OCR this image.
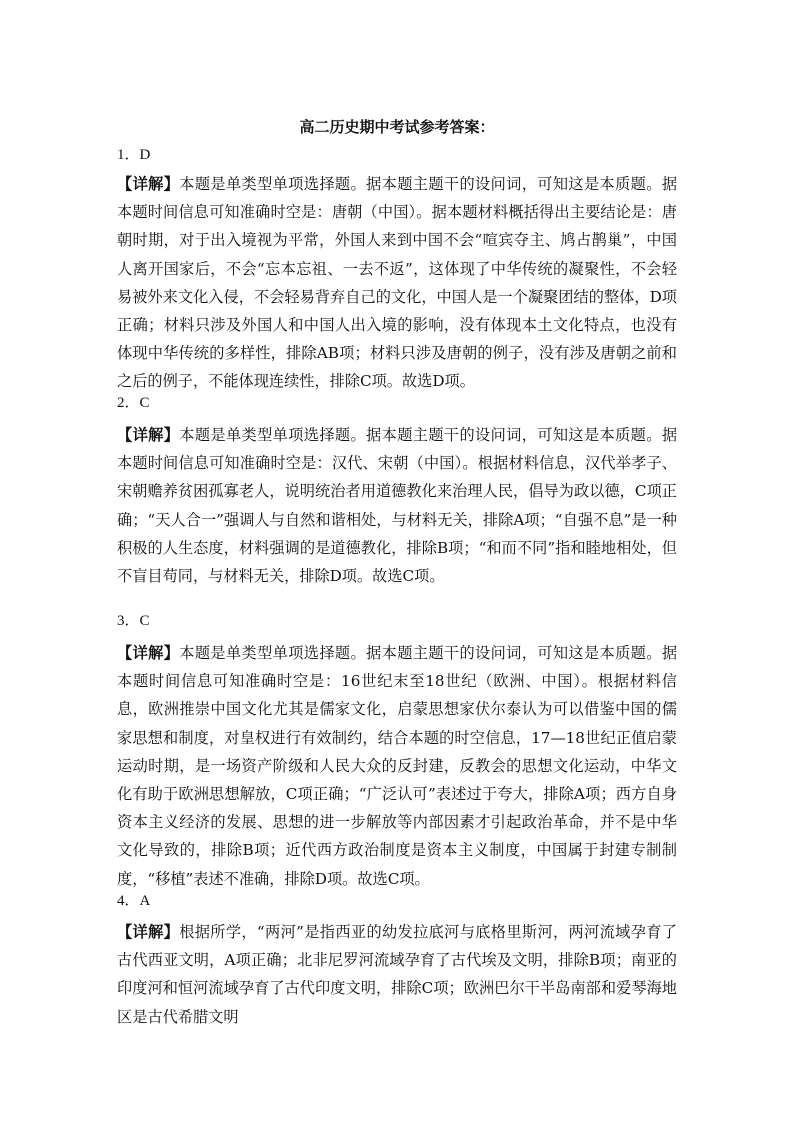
高二历史期中考试参考答案：
1．D
【详解】本题是单类型单项选择题。据本题主题干的设问词，可知这是本质题。据本题时间信息可知准确时空是：唐朝（中国）。据本题材料概括得出主要结论是：唐朝时期，对于出入境视为平常，外国人来到中国不会“喧宾夺主、鸠占鹊巢”，中国人离开国家后，不会“忘本忘祖、一去不返”，这体现了中华传统的凝聚性，不会轻易被外来文化入侵，不会轻易背弃自己的文化，中国人是一个凝聚团结的整体，D项正确；材料只涉及外国人和中国人出入境的影响，没有体现本土文化特点，也没有体现中华传统的多样性，排除AB项；材料只涉及唐朝的例子，没有涉及唐朝之前和之后的例子，不能体现连续性，排除C项。故选D项。
2．C
【详解】本题是单类型单项选择题。据本题主题干的设问词，可知这是本质题。据本题时间信息可知准确时空是：汉代、宋朝（中国）。根据材料信息，汉代举孝子、宋朝赡养贫困孤寡老人，说明统治者用道德教化来治理人民，倡导为政以德，C项正确；“天人合一”强调人与自然和谐相处，与材料无关，排除A项；“自强不息”是一种积极的人生态度，材料强调的是道德教化，排除B项；“和而不同”指和睦地相处，但不盲目苟同，与材料无关，排除D项。故选C项。
3．C
【详解】本题是单类型单项选择题。据本题主题干的设问词，可知这是本质题。据本题时间信息可知准确时空是：16世纪末至18世纪（欧洲、中国）。根据材料信息，欧洲推崇中国文化尤其是儒家文化，启蒙思想家伏尔泰认为可以借鉴中国的儒家思想和制度，对皇权进行有效制约，结合本题的时空信息，17—18世纪正值启蒙运动时期，是一场资产阶级和人民大众的反封建，反教会的思想文化运动，中华文化有助于欧洲思想解放，C项正确；“广泛认可”表述过于夸大，排除A项；西方自身资本主义经济的发展、思想的进一步解放等内部因素才引起政治革命，并不是中华文化导致的，排除B项；近代西方政治制度是资本主义制度，中国属于封建专制制度，“移植”表述不准确，排除D项。故选C项。
4．A
【详解】根据所学，“两河”是指西亚的幼发拉底河与底格里斯河，两河流域孕育了古代西亚文明，A项正确；北非尼罗河流域孕育了古代埃及文明，排除B项；南亚的印度河和恒河流域孕育了古代印度文明，排除C项；欧洲巴尔干半岛南部和爱琴海地区是古代希腊文明
